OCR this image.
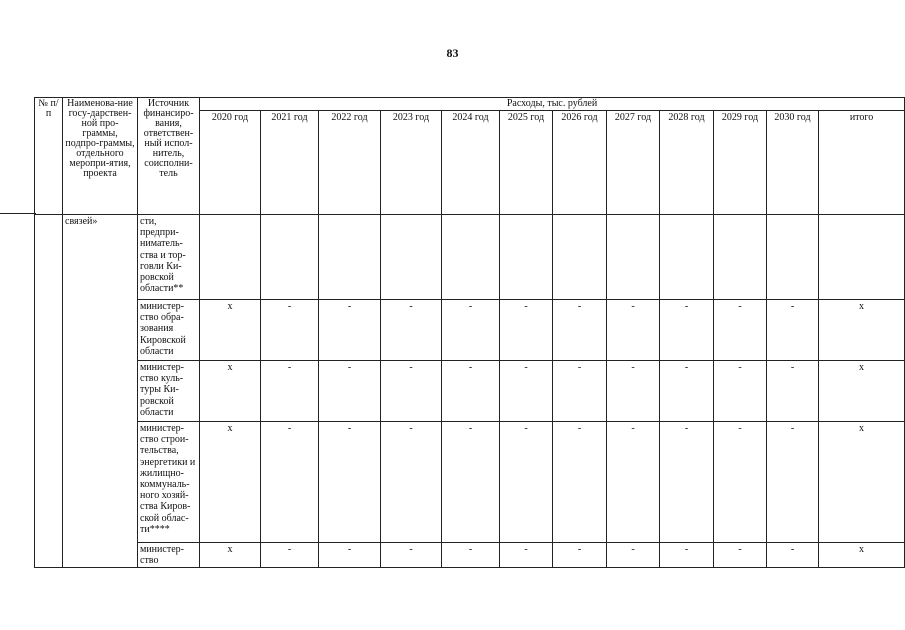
83
№ п/п	Наименова-ние госу-дарствен-ной про-граммы, подпро-граммы, отдельного меропри-ятия, проекта	Источник финансиро-вания, ответствен-ный испол-нитель, соисполни-тель	Расходы, тыс. рублей											
			2020 год	2021 год	2022 год	2023 год	2024 год	2025 год	2026 год	2027 год	2028 год	2029 год	2030 год	итого
	связей»	сти, предпри-ниматель-ства и тор-говли Ки-ровской области**												
		министер-ство обра-зования Кировской области	x	-	-	-	-	-	-	-	-	-	-	x
		министер-ство куль-туры Ки-ровской области	x	-	-	-	-	-	-	-	-	-	-	x
		министер-ство строи-тельства, энергетики и жилищно-коммуналь-ного хозяй-ства Киров-ской облас-ти****	x	-	-	-	-	-	-	-	-	-	-	x
		министер-ство	x	-	-	-	-	-	-	-	-	-	-	x
